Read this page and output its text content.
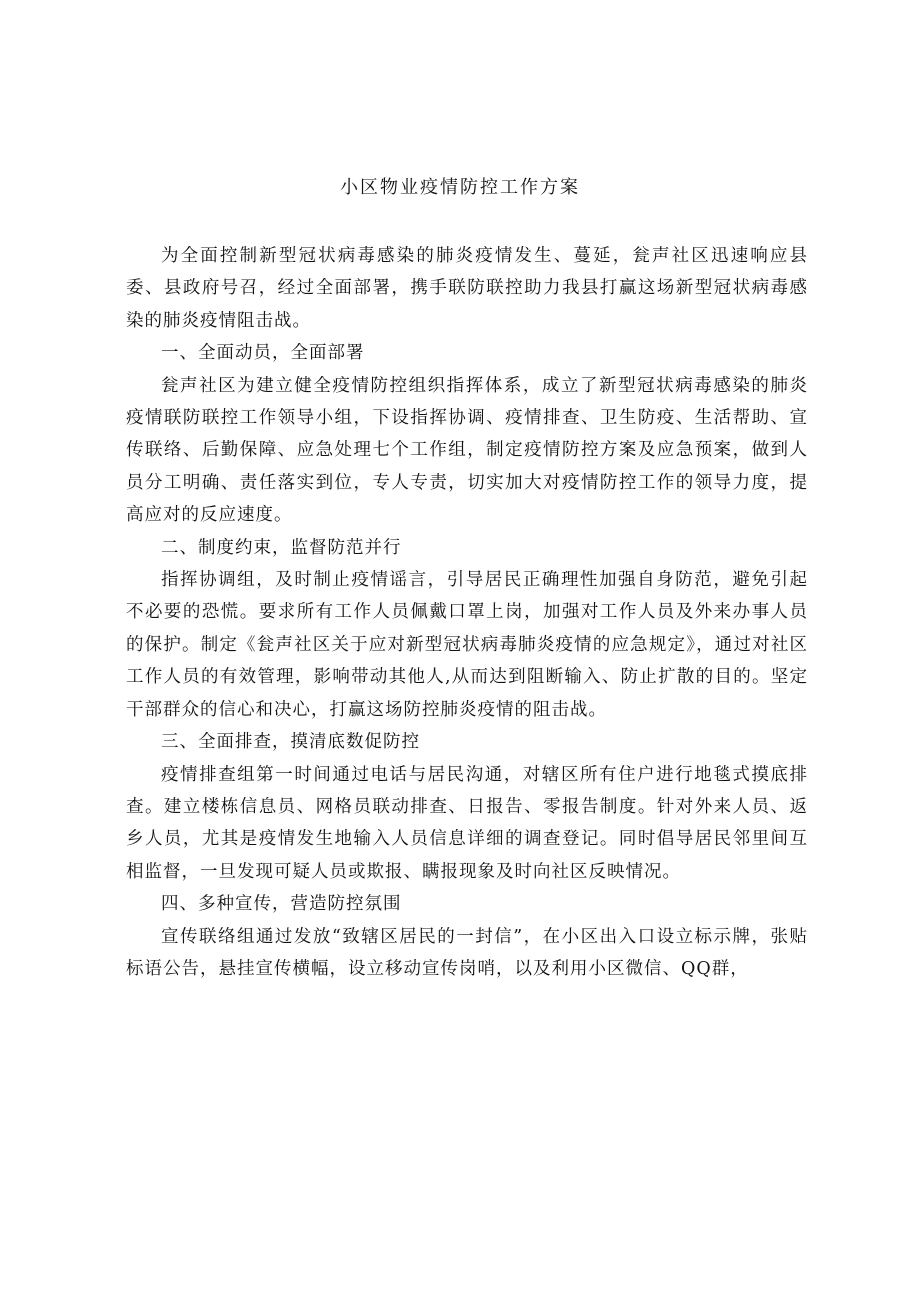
小区物业疫情防控工作方案

为全面控制新型冠状病毒感染的肺炎疫情发生、蔓延，瓮声社区迅速响应县委、县政府号召，经过全面部署，携手联防联控助力我县打赢这场新型冠状病毒感染的肺炎疫情阻击战。

一、全面动员，全面部署

瓮声社区为建立健全疫情防控组织指挥体系，成立了新型冠状病毒感染的肺炎疫情联防联控工作领导小组，下设指挥协调、疫情排查、卫生防疫、生活帮助、宣传联络、后勤保障、应急处理七个工作组，制定疫情防控方案及应急预案，做到人员分工明确、责任落实到位，专人专责，切实加大对疫情防控工作的领导力度，提高应对的反应速度。

二、制度约束，监督防范并行

指挥协调组，及时制止疫情谣言，引导居民正确理性加强自身防范，避免引起不必要的恐慌。要求所有工作人员佩戴口罩上岗，加强对工作人员及外来办事人员的保护。制定《瓮声社区关于应对新型冠状病毒肺炎疫情的应急规定》，通过对社区工作人员的有效管理，影响带动其他人,从而达到阻断输入、防止扩散的目的。坚定干部群众的信心和决心，打赢这场防控肺炎疫情的阻击战。

三、全面排查，摸清底数促防控

疫情排查组第一时间通过电话与居民沟通，对辖区所有住户进行地毯式摸底排查。建立楼栋信息员、网格员联动排查、日报告、零报告制度。针对外来人员、返乡人员，尤其是疫情发生地输入人员信息详细的调查登记。同时倡导居民邻里间互相监督，一旦发现可疑人员或欺报、瞒报现象及时向社区反映情况。

四、多种宣传，营造防控氛围

宣传联络组通过发放“致辖区居民的一封信”，在小区出入口设立标示牌，张贴标语公告，悬挂宣传横幅，设立移动宣传岗哨，以及利用小区微信、QQ群，
